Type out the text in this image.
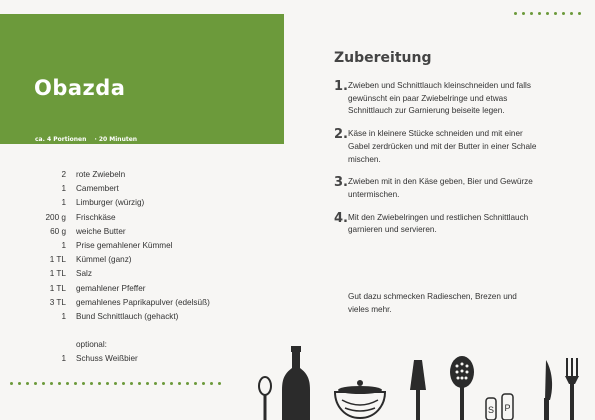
Obazda
ca. 4 Portionen · 20 Minuten
2	rote Zwiebeln
1	Camembert
1	Limburger (würzig)
200 g	Frischkäse
60 g	weiche Butter
1	Prise gemahlener Kümmel
1 TL	Kümmel (ganz)
1 TL	Salz
1 TL	gemahlener Pfeffer
3 TL	gemahlenes Paprikapulver (edelsüß)
1	Bund Schnittlauch (gehackt)
optional:
1	Schuss Weißbier
Zubereitung
1. Zwieben und Schnittlauch kleinschneiden und falls gewünscht ein paar Zwiebelringe und etwas Schnittlauch zur Garnierung beiseite legen.
2. Käse in kleinere Stücke schneiden und mit einer Gabel zerdrücken und mit der Butter in einer Schale mischen.
3. Zwieben mit in den Käse geben, Bier und Gewürze untermischen.
4. Mit den Zwiebelringen und restlichen Schnittlauch garnieren und servieren.
Gut dazu schmecken Radieschen, Brezen und vieles mehr.
S P
